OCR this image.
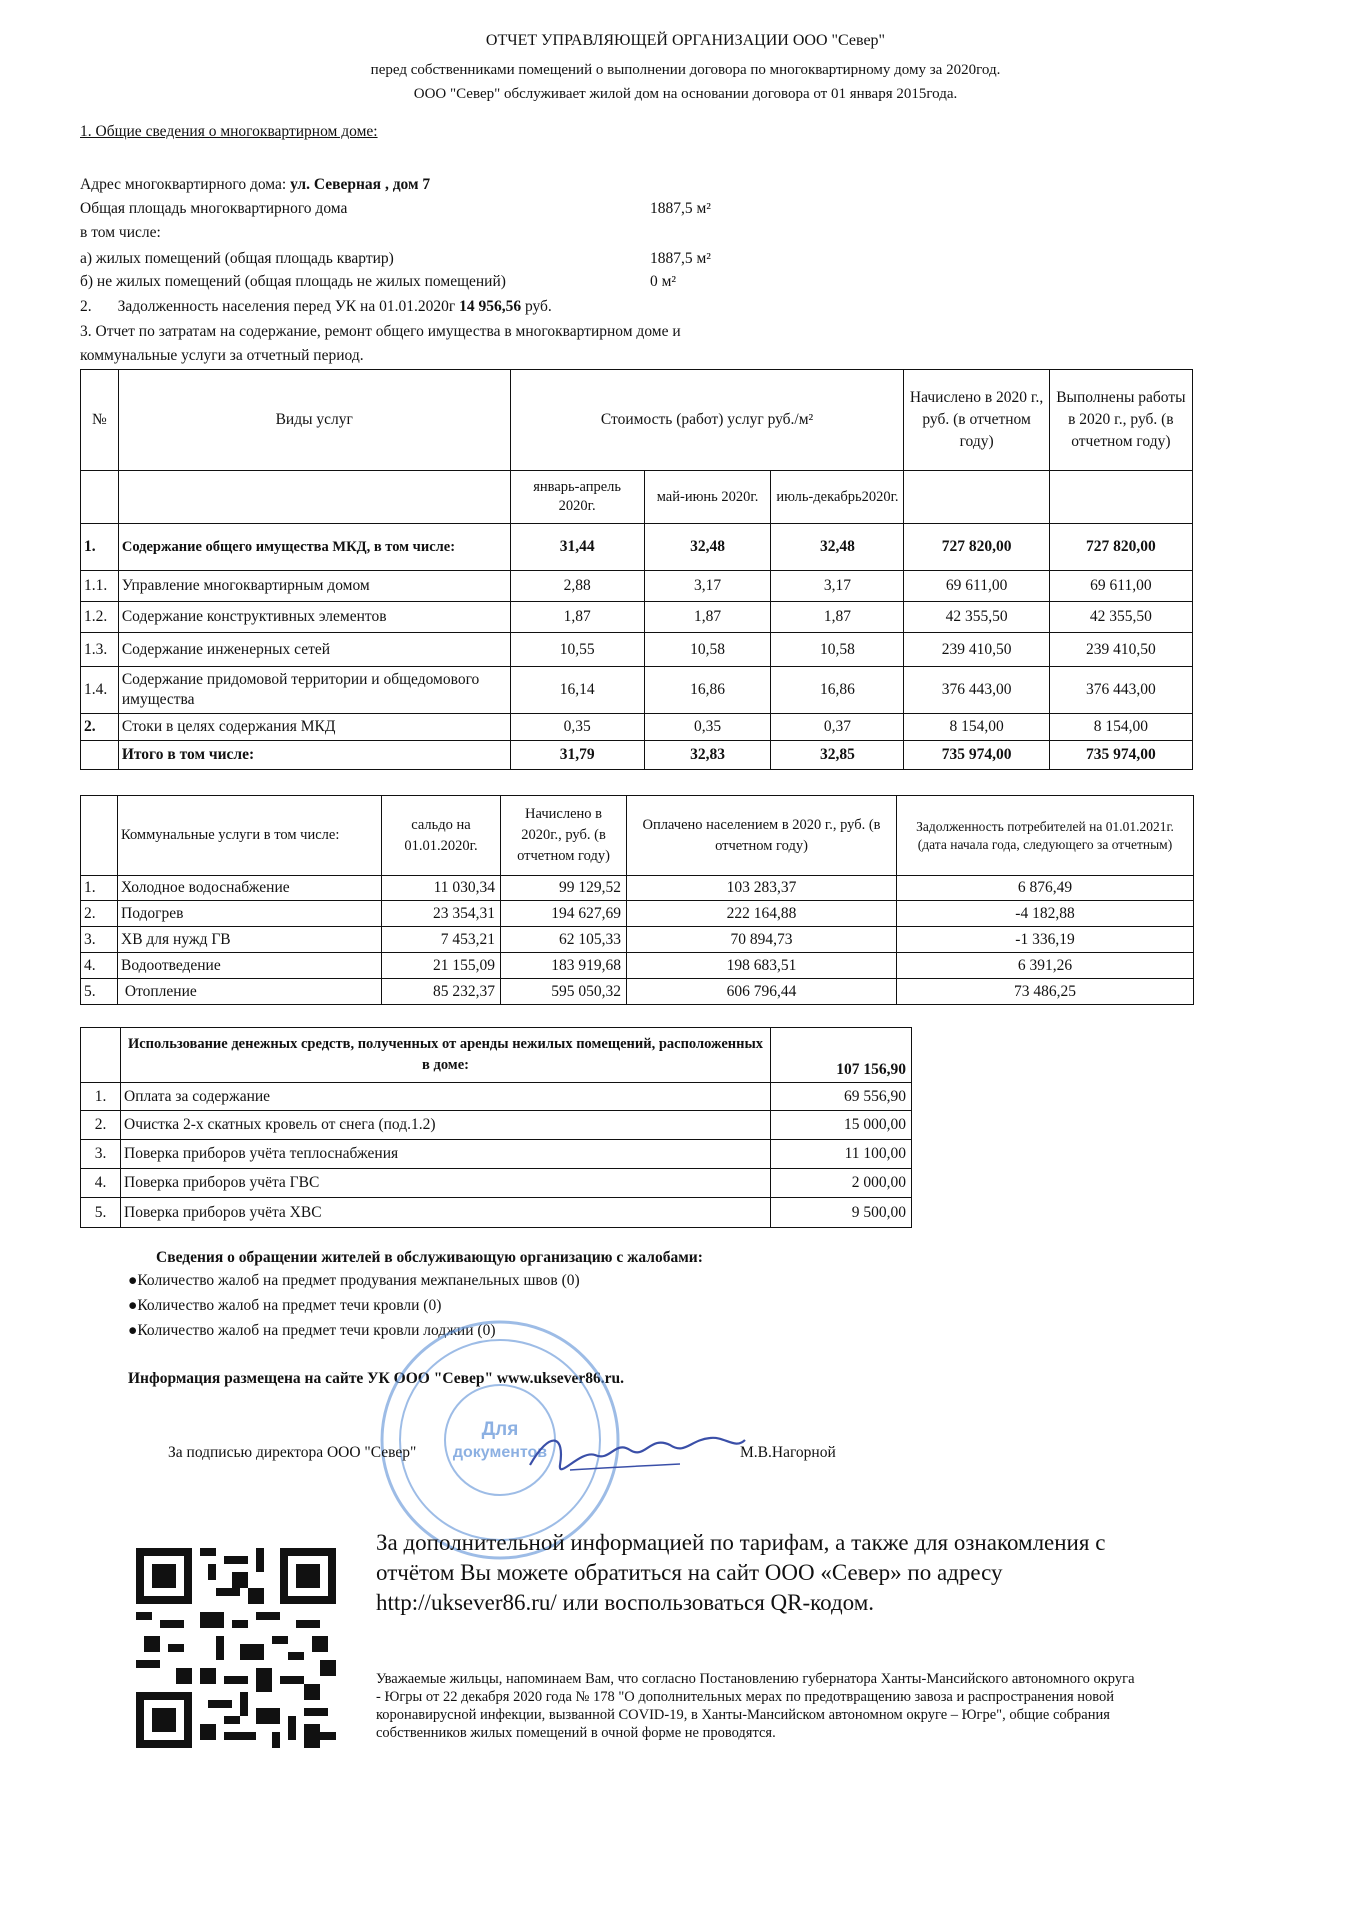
ОТЧЕТ УПРАВЛЯЮЩЕЙ ОРГАНИЗАЦИИ ООО "Север"
перед собственниками помещений о выполнении договора по многоквартирному дому за 2020год.
ООО "Север" обслуживает жилой дом на основании договора от 01 января 2015года.
1. Общие сведения о многоквартирном доме:
Адрес многоквартирного дома: ул. Северная , дом 7
Общая площадь многоквартирного дома	1887,5 м²
в том числе:
а) жилых помещений (общая площадь квартир)	1887,5 м²
б) не жилых помещений (общая площадь не жилых помещений)	0 м²
2. Задолженность населения перед УК на 01.01.2020г 14 956,56 руб.
3. Отчет по затратам на содержание, ремонт общего имущества в многоквартирном доме и
коммунальные услуги за отчетный период.
№	Виды услуг	Стоимость (работ) услуг руб./м²			Начислено в 2020 г., руб. (в отчетном году)	Выполнены работы в 2020 г., руб. (в отчетном году)
		январь-апрель 2020г.	май-июнь 2020г.	июль-декабрь2020г.		
1.	Содержание общего имущества МКД, в том числе:	31,44	32,48	32,48	727 820,00	727 820,00
1.1.	Управление многоквартирным домом	2,88	3,17	3,17	69 611,00	69 611,00
1.2.	Содержание конструктивных элементов	1,87	1,87	1,87	42 355,50	42 355,50
1.3.	Содержание инженерных сетей	10,55	10,58	10,58	239 410,50	239 410,50
1.4.	Содержание придомовой территории и общедомового имущества	16,14	16,86	16,86	376 443,00	376 443,00
2.	Стоки в целях содержания МКД	0,35	0,35	0,37	8 154,00	8 154,00
	Итого в том числе:	31,79	32,83	32,85	735 974,00	735 974,00
	Коммунальные услуги в том числе:	сальдо на 01.01.2020г.	Начислено в 2020г., руб. (в отчетном году)	Оплачено населением в 2020 г., руб. (в отчетном году)	Задолженность потребителей на 01.01.2021г. (дата начала года, следующего за отчетным)
1.	Холодное водоснабжение	11 030,34	99 129,52	103 283,37	6 876,49
2.	Подогрев	23 354,31	194 627,69	222 164,88	-4 182,88
3.	ХВ для нужд ГВ	7 453,21	62 105,33	70 894,73	-1 336,19
4.	Водоотведение	21 155,09	183 919,68	198 683,51	6 391,26
5.	Отопление	85 232,37	595 050,32	606 796,44	73 486,25
	Использование денежных средств, полученных от аренды нежилых помещений, расположенных в доме:	107 156,90
1.	Оплата за содержание	69 556,90
2.	Очистка 2-х скатных кровель от снега (под.1.2)	15 000,00
3.	Поверка приборов учёта теплоснабжения	11 100,00
4.	Поверка приборов учёта ГВС	2 000,00
5.	Поверка приборов учёта ХВС	9 500,00
Сведения о обращении жителей в обслуживающую организацию с жалобами:
●Количество жалоб на предмет продувания межпанельных швов (0)
●Количество жалоб на предмет течи кровли (0)
●Количество жалоб на предмет течи кровли лоджии (0)
Информация размещена на сайте УК ООО "Север" www.uksever86.ru.
Для
документов
За подписью директора ООО "Север"	М.В.Нагорной
За дополнительной информацией по тарифам, а также для ознакомления с отчётом Вы можете обратиться на сайт ООО «Север» по адресу http://uksever86.ru/ или воспользоваться QR-кодом.
Уважаемые жильцы, напоминаем Вам, что согласно Постановлению губернатора Ханты-Мансийского автономного округа - Югры от 22 декабря 2020 года № 178 "О дополнительных мерах по предотвращению завоза и распространения новой коронавирусной инфекции, вызванной COVID-19, в Ханты-Мансийском автономном округе – Югре", общие собрания собственников жилых помещений в очной форме не проводятся.
